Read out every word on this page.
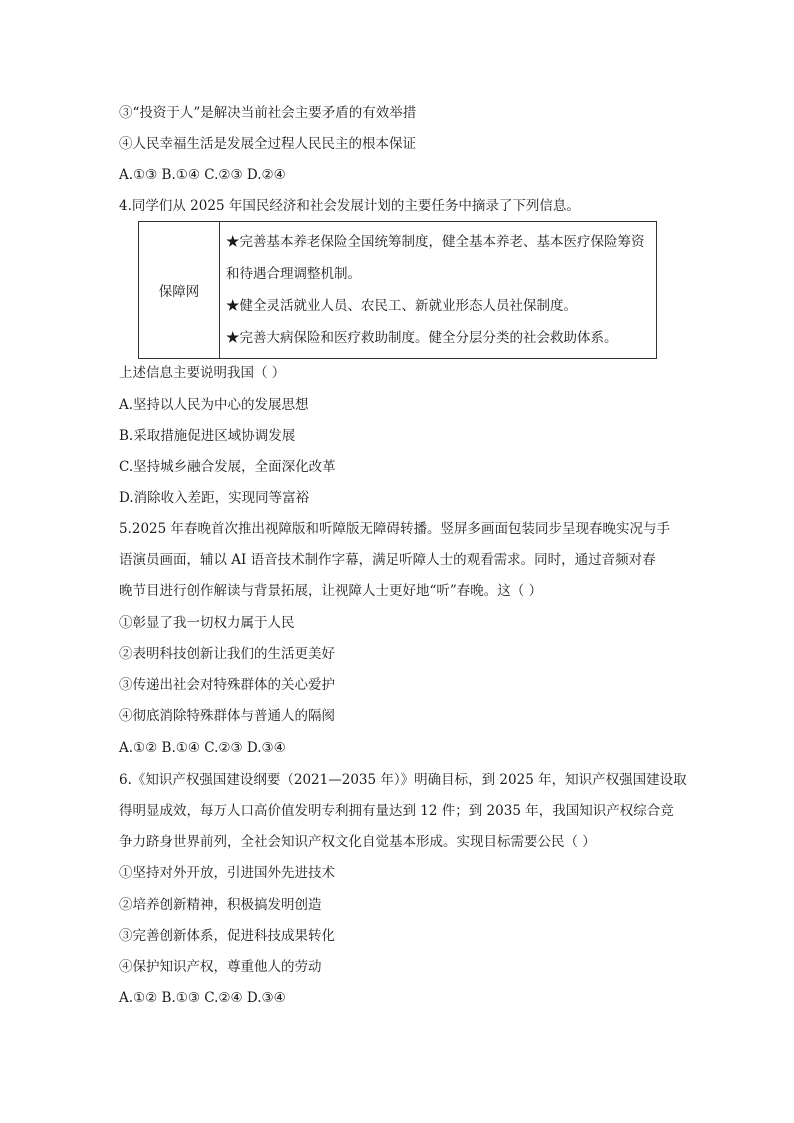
③“投资于人”是解决当前社会主要矛盾的有效举措
④人民幸福生活是发展全过程人民民主的根本保证
A.①③ B.①④ C.②③ D.②④
4.同学们从 2025 年国民经济和社会发展计划的主要任务中摘录了下列信息。
保障网	
★完善基本养老保险全国统筹制度，健全基本养老、基本医疗保险筹资
和待遇合理调整机制。
★健全灵活就业人员、农民工、新就业形态人员社保制度。
★完善大病保险和医疗救助制度。健全分层分类的社会救助体系。
上述信息主要说明我国（ ）
A.坚持以人民为中心的发展思想
B.采取措施促进区域协调发展
C.坚持城乡融合发展，全面深化改革
D.消除收入差距，实现同等富裕
5.2025 年春晚首次推出视障版和听障版无障碍转播。竖屏多画面包装同步呈现春晚实况与手
语演员画面，辅以 AI 语音技术制作字幕，满足听障人士的观看需求。同时，通过音频对春
晚节目进行创作解读与背景拓展，让视障人士更好地“听”春晚。这（ ）
①彰显了我一切权力属于人民
②表明科技创新让我们的生活更美好
③传递出社会对特殊群体的关心爱护
④彻底消除特殊群体与普通人的隔阂
A.①② B.①④ C.②③ D.③④
6.《知识产权强国建设纲要（2021—2035 年）》明确目标，到 2025 年，知识产权强国建设取
得明显成效，每万人口高价值发明专利拥有量达到 12 件；到 2035 年，我国知识产权综合竞
争力跻身世界前列，全社会知识产权文化自觉基本形成。实现目标需要公民（ ）
①坚持对外开放，引进国外先进技术
②培养创新精神，积极搞发明创造
③完善创新体系，促进科技成果转化
④保护知识产权，尊重他人的劳动
A.①② B.①③ C.②④ D.③④
